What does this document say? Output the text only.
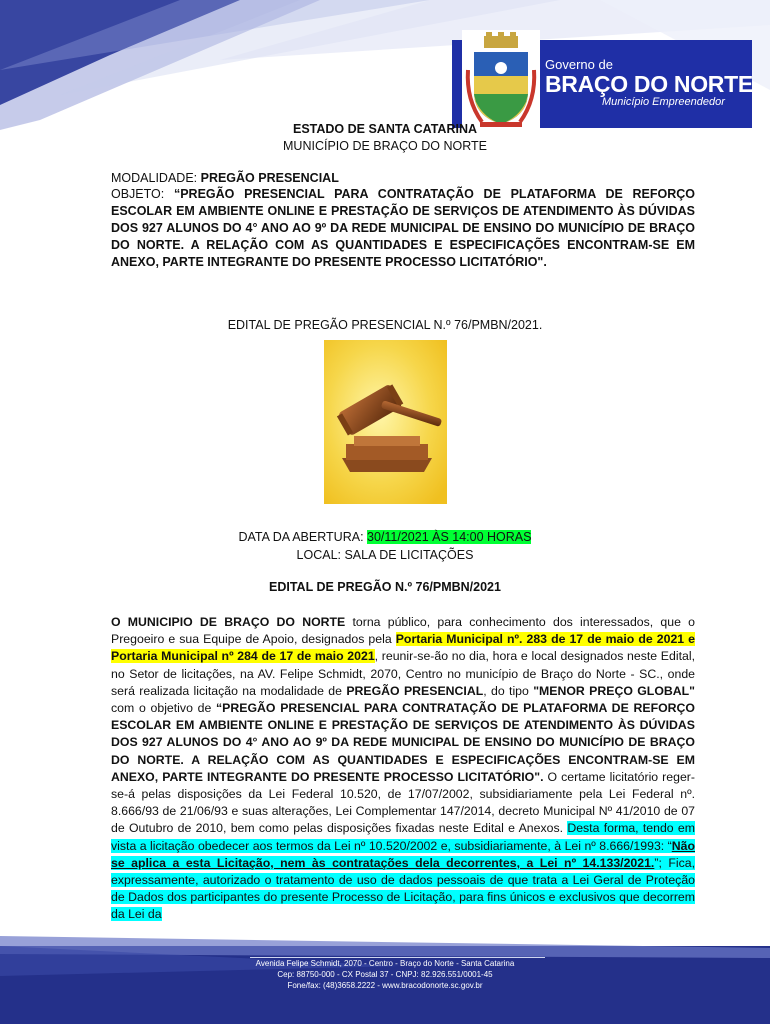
Governo de
BRAÇO DO NORTE
Município Empreendedor
ESTADO DE SANTA CATARINA
MUNICÍPIO DE BRAÇO DO NORTE
MODALIDADE: PREGÃO PRESENCIAL
OBJETO: “PREGÃO PRESENCIAL PARA CONTRATAÇÃO DE PLATAFORMA DE REFORÇO ESCOLAR EM AMBIENTE ONLINE E PRESTAÇÃO DE SERVIÇOS DE ATENDIMENTO ÀS DÚVIDAS DOS 927 ALUNOS DO 4° ANO AO 9º DA REDE MUNICIPAL DE ENSINO DO MUNICÍPIO DE BRAÇO DO NORTE. A RELAÇÃO COM AS QUANTIDADES E ESPECIFICAÇÕES ENCONTRAM-SE EM ANEXO, PARTE INTEGRANTE DO PRESENTE PROCESSO LICITATÓRIO".
EDITAL DE PREGÃO PRESENCIAL N.º 76/PMBN/2021.
DATA DA ABERTURA: 30/11/2021 ÀS 14:00 HORAS
LOCAL: SALA DE LICITAÇÕES
EDITAL DE PREGÃO N.º 76/PMBN/2021
O MUNICIPIO DE BRAÇO DO NORTE torna público, para conhecimento dos interessados, que o Pregoeiro e sua Equipe de Apoio, designados pela Portaria Municipal nº. 283 de 17 de maio de 2021 e Portaria Municipal nº 284 de 17 de maio 2021, reunir-se-ão no dia, hora e local designados neste Edital, no Setor de licitações, na AV. Felipe Schmidt, 2070, Centro no município de Braço do Norte - SC., onde será realizada licitação na modalidade de PREGÃO PRESENCIAL, do tipo "MENOR PREÇO GLOBAL" com o objetivo de “PREGÃO PRESENCIAL PARA CONTRATAÇÃO DE PLATAFORMA DE REFORÇO ESCOLAR EM AMBIENTE ONLINE E PRESTAÇÃO DE SERVIÇOS DE ATENDIMENTO ÀS DÚVIDAS DOS 927 ALUNOS DO 4° ANO AO 9º DA REDE MUNICIPAL DE ENSINO DO MUNICÍPIO DE BRAÇO DO NORTE. A RELAÇÃO COM AS QUANTIDADES E ESPECIFICAÇÕES ENCONTRAM-SE EM ANEXO, PARTE INTEGRANTE DO PRESENTE PROCESSO LICITATÓRIO". O certame licitatório reger-se-á pelas disposições da Lei Federal 10.520, de 17/07/2002, subsidiariamente pela Lei Federal nº. 8.666/93 de 21/06/93 e suas alterações, Lei Complementar 147/2014, decreto Municipal Nº 41/2010 de 07 de Outubro de 2010, bem como pelas disposições fixadas neste Edital e Anexos. Desta forma, tendo em vista a licitação obedecer aos termos da Lei nº 10.520/2002 e, subsidiariamente, à Lei nº 8.666/1993: “Não se aplica a esta Licitação, nem às contratações dela decorrentes, a Lei nº 14.133/2021.”; Fica, expressamente, autorizado o tratamento de uso de dados pessoais de que trata a Lei Geral de Proteção de Dados dos participantes do presente Processo de Licitação, para fins únicos e exclusivos que decorrem da Lei da
Avenida Felipe Schmidt, 2070 - Centro - Braço do Norte - Santa Catarina
Cep: 88750-000 - CX Postal 37 - CNPJ: 82.926.551/0001-45
Fone/fax: (48)3658.2222 - www.bracodonorte.sc.gov.br
